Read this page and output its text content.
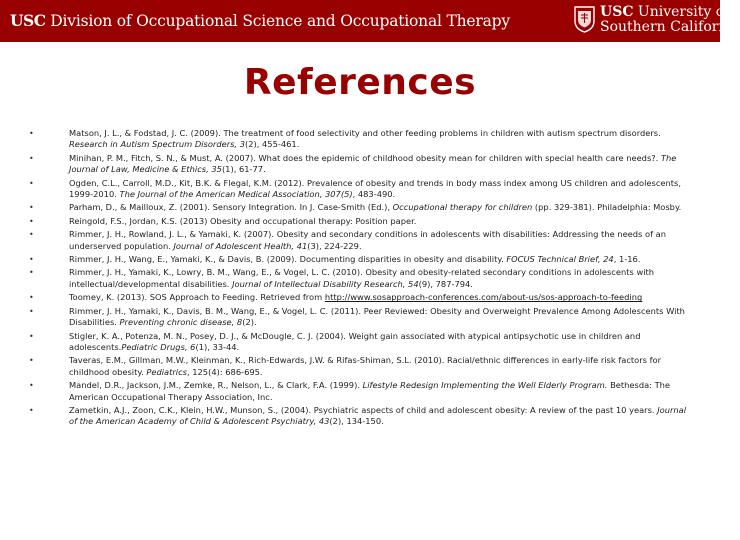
USC Division of Occupational Science and Occupational Therapy	USC University of
Southern California
References
•	Matson, J. L., & Fodstad, J. C. (2009). The treatment of food selectivity and other feeding problems in children with autism spectrum disorders. Research in Autism Spectrum Disorders, 3(2), 455-461.
•	Minihan, P. M., Fitch, S. N., & Must, A. (2007). What does the epidemic of childhood obesity mean for children with special health care needs?. The Journal of Law, Medicine & Ethics, 35(1), 61-77.
•	Ogden, C.L., Carroll, M.D., Kit, B.K. & Flegal, K.M. (2012). Prevalence of obesity and trends in body mass index among US children and adolescents, 1999-2010. The Journal of the American Medical Association, 307(5), 483-490.
•	Parham, D., & Mailloux, Z. (2001). Sensory Integration. In J. Case-Smith (Ed.), Occupational therapy for children (pp. 329-381). Philadelphia: Mosby.
•	Reingold, F.S., Jordan, K.S. (2013) Obesity and occupational therapy: Position paper.
•	Rimmer, J. H., Rowland, J. L., & Yamaki, K. (2007). Obesity and secondary conditions in adolescents with disabilities: Addressing the needs of an underserved population. Journal of Adolescent Health, 41(3), 224-229.
•	Rimmer, J. H., Wang, E., Yamaki, K., & Davis, B. (2009). Documenting disparities in obesity and disability. FOCUS Technical Brief, 24, 1-16.
•	Rimmer, J. H., Yamaki, K., Lowry, B. M., Wang, E., & Vogel, L. C. (2010). Obesity and obesity-related secondary conditions in adolescents with intellectual/developmental disabilities. Journal of Intellectual Disability Research, 54(9), 787-794.
•	Toomey, K. (2013). SOS Approach to Feeding. Retrieved from http://www.sosapproach-conferences.com/about-us/sos-approach-to-feeding
•	Rimmer, J. H., Yamaki, K., Davis, B. M., Wang, E., & Vogel, L. C. (2011). Peer Reviewed: Obesity and Overweight Prevalence Among Adolescents With Disabilities. Preventing chronic disease, 8(2).
•	Stigler, K. A., Potenza, M. N., Posey, D. J., & McDougle, C. J. (2004). Weight gain associated with atypical antipsychotic use in children and adolescents.Pediatric Drugs, 6(1), 33-44.
•	Taveras, E.M., Gillman, M.W., Kleinman, K., Rich-Edwards, J.W. & Rifas-Shiman, S.L. (2010). Racial/ethnic differences in early-life risk factors for childhood obesity. Pediatrics, 125(4): 686-695.
•	Mandel, D.R., Jackson, J.M., Zemke, R., Nelson, L., & Clark, F.A. (1999). Lifestyle Redesign Implementing the Well Elderly Program. Bethesda: The American Occupational Therapy Association, Inc.
•	Zametkin, A.J., Zoon, C.K., Klein, H.W., Munson, S., (2004). Psychiatric aspects of child and adolescent obesity: A review of the past 10 years. Journal of the American Academy of Child & Adolescent Psychiatry, 43(2), 134-150.
